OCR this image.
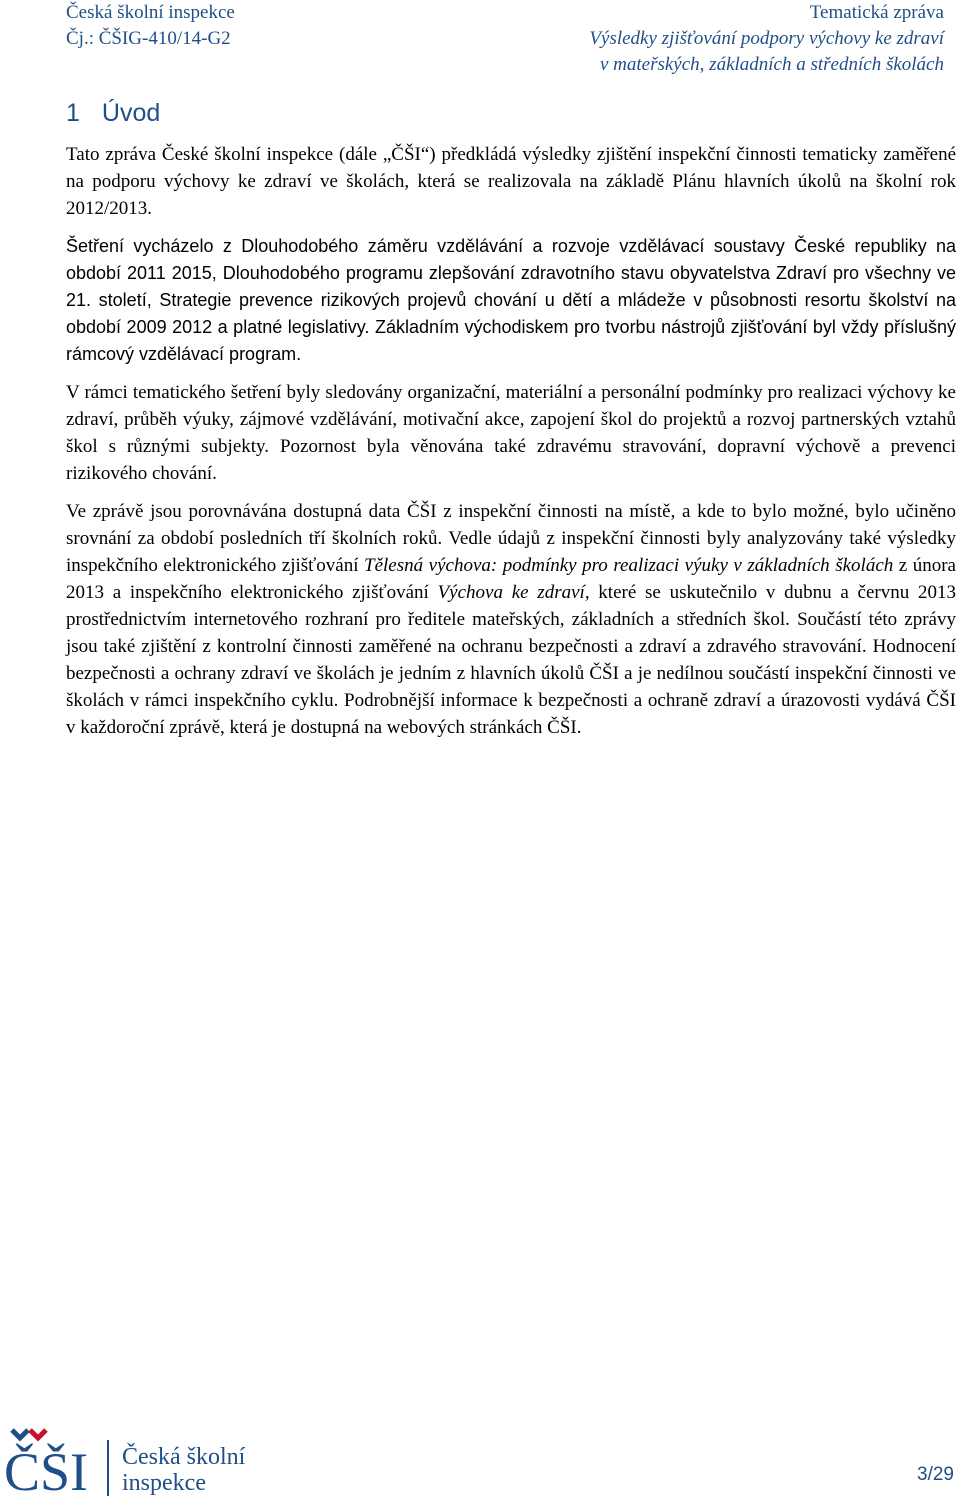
Česká školní inspekce
Čj.: ČŠIG-410/14-G2
Tematická zpráva
Výsledky zjišťování podpory výchovy ke zdraví
v mateřských, základních a středních školách
1 Úvod

Tato zpráva České školní inspekce (dále „ČŠI“) předkládá výsledky zjištění inspekční činnosti tematicky zaměřené na podporu výchovy ke zdraví ve školách, která se realizovala na základě Plánu hlavních úkolů na školní rok 2012/2013.

Šetření vycházelo z Dlouhodobého záměru vzdělávání a rozvoje vzdělávací soustavy České republiky na období 2011 2015, Dlouhodobého programu zlepšování zdravotního stavu obyvatelstva Zdraví pro všechny ve 21. století, Strategie prevence rizikových projevů chování u dětí a mládeže v působnosti resortu školství na období 2009 2012 a platné legislativy. Základním východiskem pro tvorbu nástrojů zjišťování byl vždy příslušný rámcový vzdělávací program.

V rámci tematického šetření byly sledovány organizační, materiální a personální podmínky pro realizaci výchovy ke zdraví, průběh výuky, zájmové vzdělávání, motivační akce, zapojení škol do projektů a rozvoj partnerských vztahů škol s různými subjekty. Pozornost byla věnována také zdravému stravování, dopravní výchově a prevenci rizikového chování.

Ve zprávě jsou porovnávána dostupná data ČŠI z inspekční činnosti na místě, a kde to bylo možné, bylo učiněno srovnání za období posledních tří školních roků. Vedle údajů z inspekční činnosti byly analyzovány také výsledky inspekčního elektronického zjišťování Tělesná výchova: podmínky pro realizaci výuky v základních školách z února 2013 a inspekčního elektronického zjišťování Výchova ke zdraví, které se uskutečnilo v dubnu a červnu 2013 prostřednictvím internetového rozhraní pro ředitele mateřských, základních a středních škol. Součástí této zprávy jsou také zjištění z kontrolní činnosti zaměřené na ochranu bezpečnosti a zdraví a zdravého stravování. Hodnocení bezpečnosti a ochrany zdraví ve školách je jedním z hlavních úkolů ČŠI a je nedílnou součástí inspekční činnosti ve školách v rámci inspekčního cyklu. Podrobnější informace k bezpečnosti a ochraně zdraví a úrazovosti vydává ČŠI v každoroční zprávě, která je dostupná na webových stránkách ČŠI.

ČŠI Česká školní
inspekce	3/29
